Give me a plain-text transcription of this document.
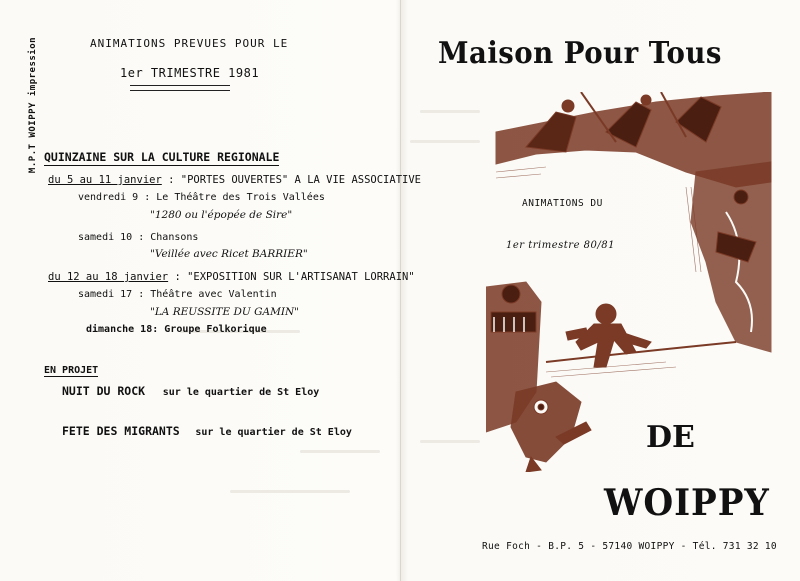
M.P.T WOIPPY impression	ANIMATIONS PREVUES POUR LE
1er TRIMESTRE 1981
QUINZAINE SUR LA CULTURE REGIONALE
du 5 au 11 janvier : "PORTES OUVERTES" A LA VIE ASSOCIATIVE
vendredi 9 : Le Théâtre des Trois Vallées
"1280 ou l'épopée de Sire"
samedi 10 : Chansons
"Veillée avec Ricet BARRIER"
du 12 au 18 janvier : "EXPOSITION SUR L'ARTISANAT LORRAIN"
samedi 17 : Théâtre avec Valentin
"LA REUSSITE DU GAMIN"
dimanche 18: Groupe Folkorique
EN PROJET
NUIT DU ROCK sur le quartier de St Eloy
FETE DES MIGRANTS sur le quartier de St Eloy
Maison Pour Tous
ANIMATIONS DU
1er trimestre 80/81
DE
WOIPPY
Rue Foch - B.P. 5 - 57140 WOIPPY - Tél. 731 32 10
